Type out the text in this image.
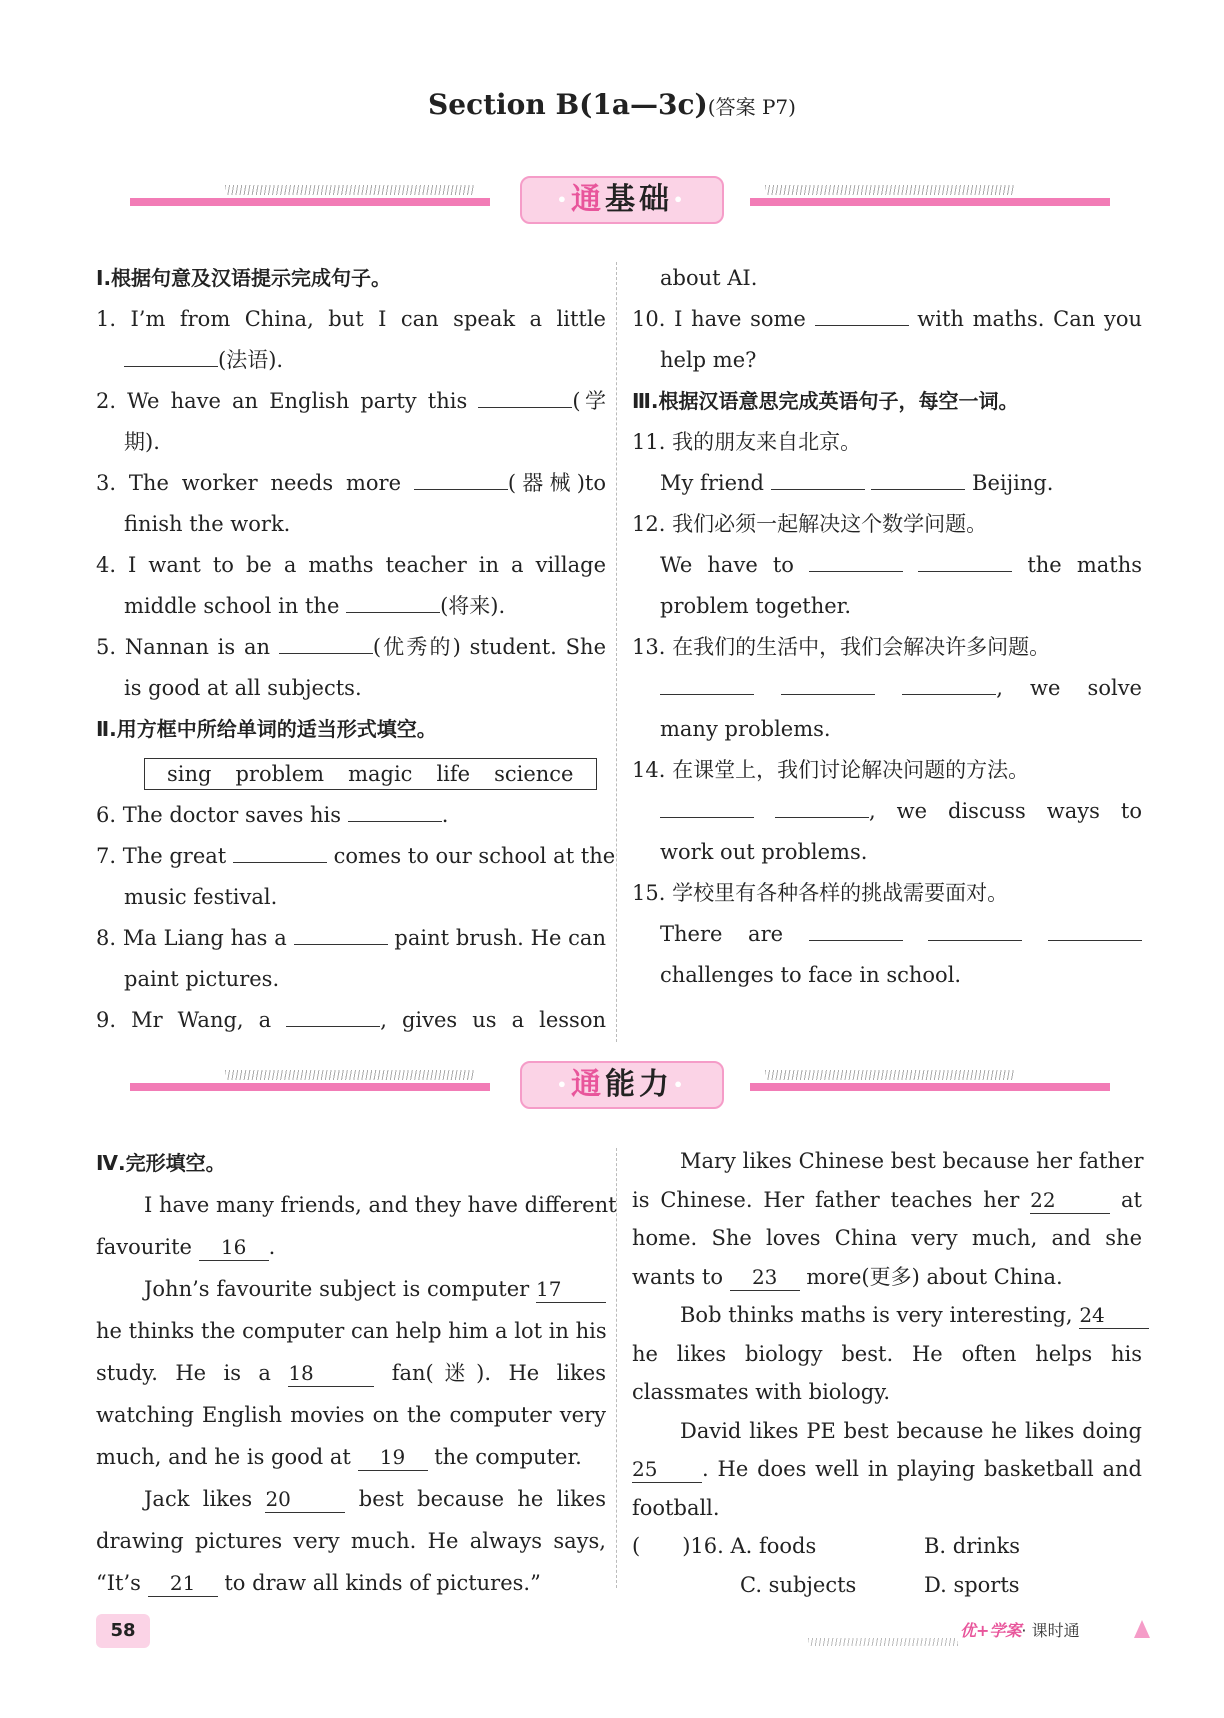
Section B(1a—3c)(答案 P7)
•通基础•
Ⅰ.根据句意及汉语提示完成句子。
1. I’m from China, but I can speak a little
(法语).
2. We have an English party this	(学
期).
3. The worker needs more	(器械)to
finish the work.
4. I want to be a maths teacher in a village
middle school in the	(将来).
5. Nannan is an	(优秀的) student. She
is good at all subjects.
Ⅱ.用方框中所给单词的适当形式填空。
sing problem magic life science
6. The doctor saves his	.
7. The great	comes to our school at the
music festival.
8. Ma Liang has a	paint brush. He can
paint pictures.
9. Mr Wang, a	, gives us a lesson
about AI.
10. I have some	with maths. Can you
help me?
Ⅲ.根据汉语意思完成英语句子，每空一词。
11. 我的朋友来自北京。
My friend	Beijing.
12. 我们必须一起解决这个数学问题。
We have to	the maths
problem together.
13. 在我们的生活中，我们会解决许多问题。
, we solve
many problems.
14. 在课堂上，我们讨论解决问题的方法。
, we discuss ways to
work out problems.
15. 学校里有各种各样的挑战需要面对。
There are
challenges to face in school.
•通能力•
Ⅳ.完形填空。
I have many friends, and they have different
favourite 16 .
John’s favourite subject is computer 17
he thinks the computer can help him a lot in his
study. He is a 18	fan(迷). He likes
watching English movies on the computer very
much, and he is good at 19 the computer.
Jack likes 20	best because he likes
drawing pictures very much. He always says,
“It’s 21 to draw all kinds of pictures.”
Mary likes Chinese best because her father
is Chinese. Her father teaches her 22	at
home. She loves China very much, and she
wants to 23 more(更多) about China.
Bob thinks maths is very interesting, 24
he likes biology best. He often helps his
classmates with biology.
David likes PE best because he likes doing
25 . He does well in playing basketball and
football.
(　　)16. A. foods	B. drinks
C. subjects	D. sports
58	优+学案· 课时通
